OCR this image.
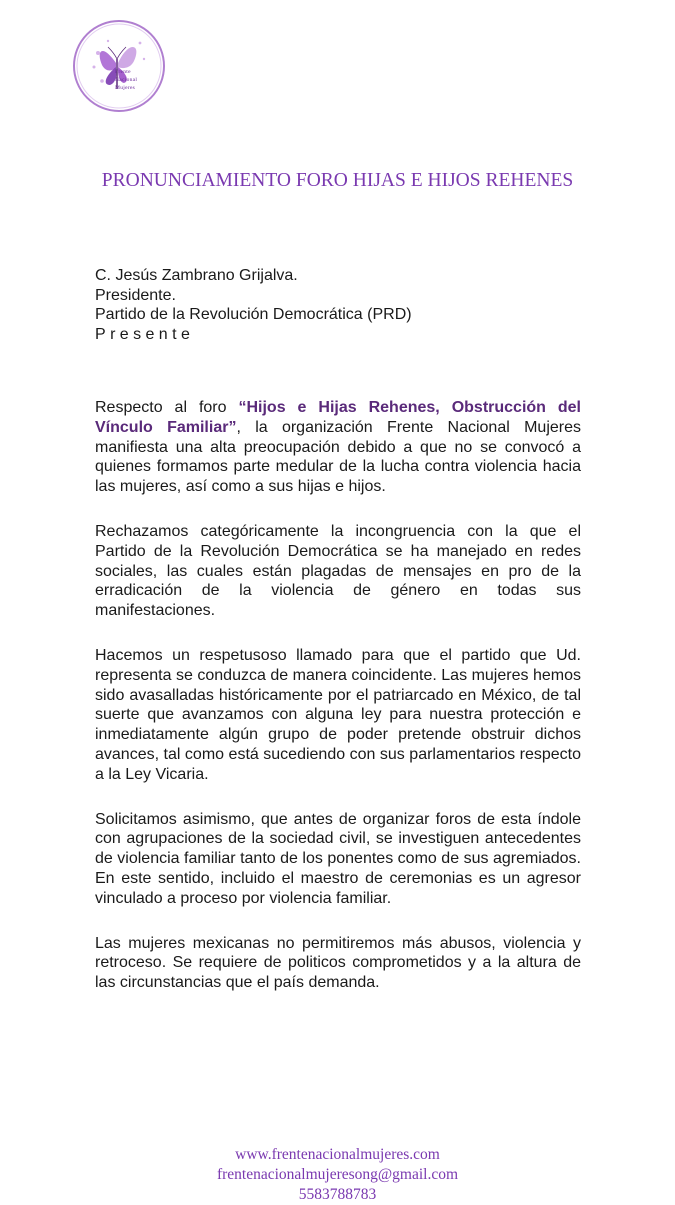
Frente
Nacional
Mujeres
PRONUNCIAMIENTO FORO HIJAS E HIJOS REHENES
C. Jesús Zambrano Grijalva.
Presidente.
Partido de la Revolución Democrática (PRD)
Presente

Respecto al foro “Hijos e Hijas Rehenes, Obstrucción del Vínculo Familiar”, la organización Frente Nacional Mujeres manifiesta una alta preocupación debido a que no se convocó a quienes formamos parte medular de la lucha contra violencia hacia las mujeres, así como a sus hijas e hijos.

Rechazamos categóricamente la incongruencia con la que el Partido de la Revolución Democrática se ha manejado en redes sociales, las cuales están plagadas de mensajes en pro de la erradicación de la violencia de género en todas sus manifestaciones.

Hacemos un respetusoso llamado para que el partido que Ud. representa se conduzca de manera coincidente. Las mujeres hemos sido avasalladas históricamente por el patriarcado en México, de tal suerte que avanzamos con alguna ley para nuestra protección e inmediatamente algún grupo de poder pretende obstruir dichos avances, tal como está sucediendo con sus parlamentarios respecto a la Ley Vicaria.

Solicitamos asimismo, que antes de organizar foros de esta índole con agrupaciones de la sociedad civil, se investiguen antecedentes de violencia familiar tanto de los ponentes como de sus agremiados. En este sentido, incluido el maestro de ceremonias es un agresor vinculado a proceso por violencia familiar.

Las mujeres mexicanas no permitiremos más abusos, violencia y retroceso. Se requiere de politicos comprometidos y a la altura de las circunstancias que el país demanda.

www.frentenacionalmujeres.com
frentenacionalmujeresong@gmail.com
5583788783
